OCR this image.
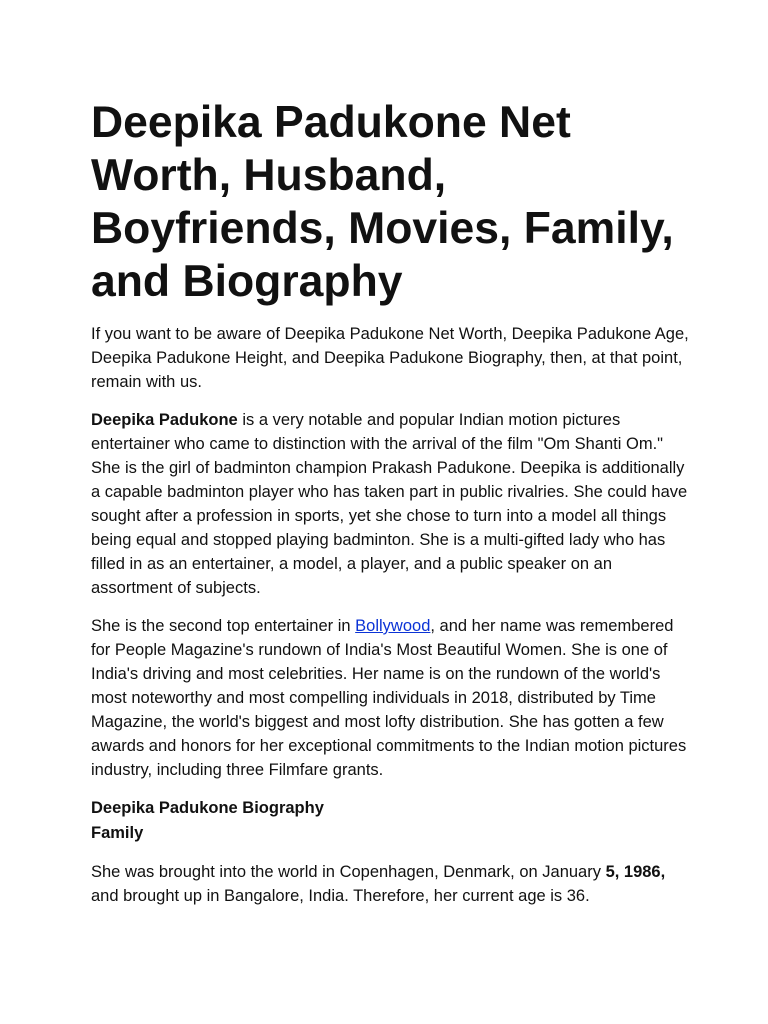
Deepika Padukone Net Worth, Husband, Boyfriends, Movies, Family, and Biography

If you want to be aware of Deepika Padukone Net Worth, Deepika Padukone Age, Deepika Padukone Height, and Deepika Padukone Biography, then, at that point, remain with us.

Deepika Padukone is a very notable and popular Indian motion pictures entertainer who came to distinction with the arrival of the film "Om Shanti Om." She is the girl of badminton champion Prakash Padukone. Deepika is additionally a capable badminton player who has taken part in public rivalries. She could have sought after a profession in sports, yet she chose to turn into a model all things being equal and stopped playing badminton. She is a multi-gifted lady who has filled in as an entertainer, a model, a player, and a public speaker on an assortment of subjects.

She is the second top entertainer in Bollywood, and her name was remembered for People Magazine's rundown of India's Most Beautiful Women. She is one of India's driving and most celebrities. Her name is on the rundown of the world's most noteworthy and most compelling individuals in 2018, distributed by Time Magazine, the world's biggest and most lofty distribution. She has gotten a few awards and honors for her exceptional commitments to the Indian motion pictures industry, including three Filmfare grants.

Deepika Padukone Biography
Family

She was brought into the world in Copenhagen, Denmark, on January 5, 1986, and brought up in Bangalore, India. Therefore, her current age is 36.
